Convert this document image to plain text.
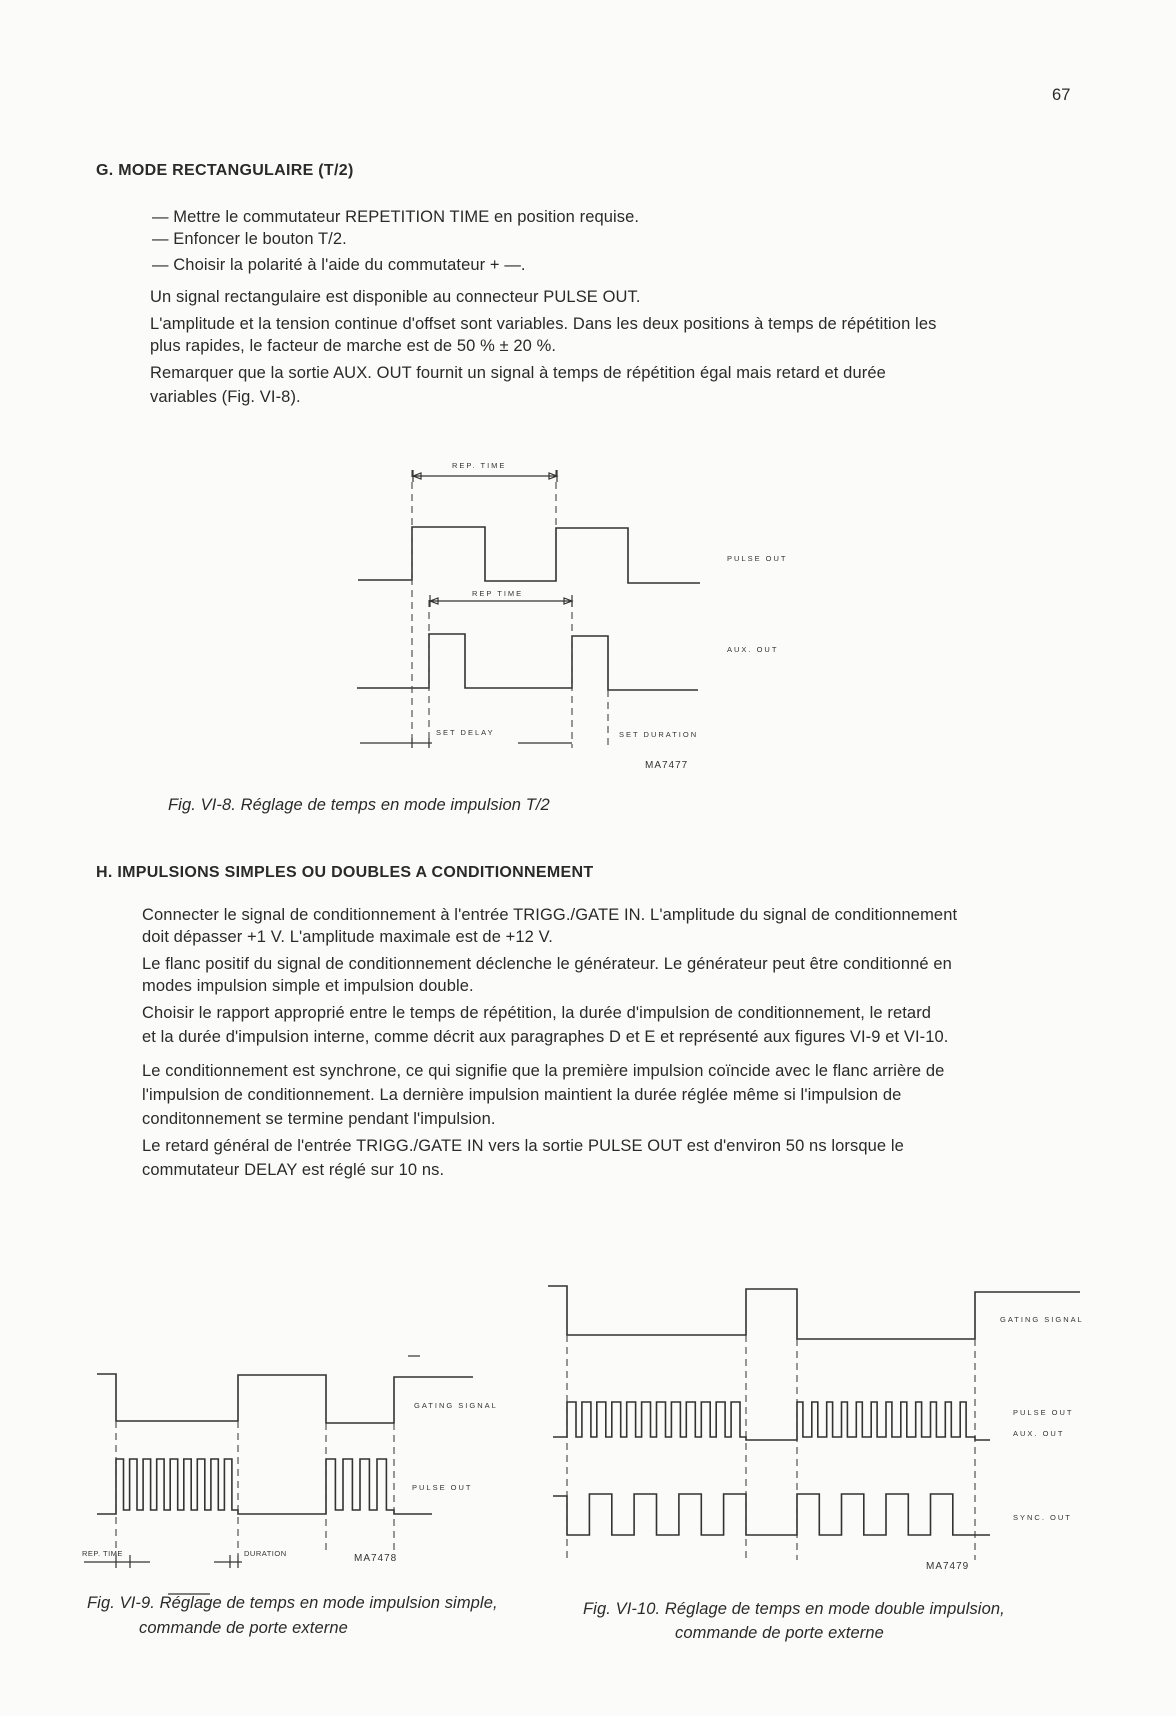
67
G. MODE RECTANGULAIRE (T/2)
— Mettre le commutateur REPETITION TIME en position requise.
— Enfoncer le bouton T/2.
— Choisir la polarité à l'aide du commutateur + —.
Un signal rectangulaire est disponible au connecteur PULSE OUT.
L'amplitude et la tension continue d'offset sont variables. Dans les deux positions à temps de répétition les
plus rapides, le facteur de marche est de 50 % ± 20 %.
Remarquer que la sortie AUX. OUT fournit un signal à temps de répétition égal mais retard et durée
variables (Fig. VI-8).
Fig. VI-8. Réglage de temps en mode impulsion T/2
H. IMPULSIONS SIMPLES OU DOUBLES A CONDITIONNEMENT
Connecter le signal de conditionnement à l'entrée TRIGG./GATE IN. L'amplitude du signal de conditionnement
doit dépasser +1 V. L'amplitude maximale est de +12 V.
Le flanc positif du signal de conditionnement déclenche le générateur. Le générateur peut être conditionné en
modes impulsion simple et impulsion double.
Choisir le rapport approprié entre le temps de répétition, la durée d'impulsion de conditionnement, le retard
et la durée d'impulsion interne, comme décrit aux paragraphes D et E et représenté aux figures VI-9 et VI-10.
Le conditionnement est synchrone, ce qui signifie que la première impulsion coïncide avec le flanc arrière de
l'impulsion de conditionnement. La dernière impulsion maintient la durée réglée même si l'impulsion de
conditonnement se termine pendant l'impulsion.
Le retard général de l'entrée TRIGG./GATE IN vers la sortie PULSE OUT est d'environ 50 ns lorsque le
commutateur DELAY est réglé sur 10 ns.
Fig. VI-9. Réglage de temps en mode impulsion simple,
commande de porte externe
Fig. VI-10. Réglage de temps en mode double impulsion,
commande de porte externe
REP. TIME
REP TIME
PULSE OUT
AUX. OUT
SET DELAY	SET DURATION
MA7477
GATING SIGNAL
PULSE OUT
REP. TIME	DURATION	MA7478
GATING SIGNAL
PULSE OUT
AUX. OUT
SYNC. OUT
MA7479
